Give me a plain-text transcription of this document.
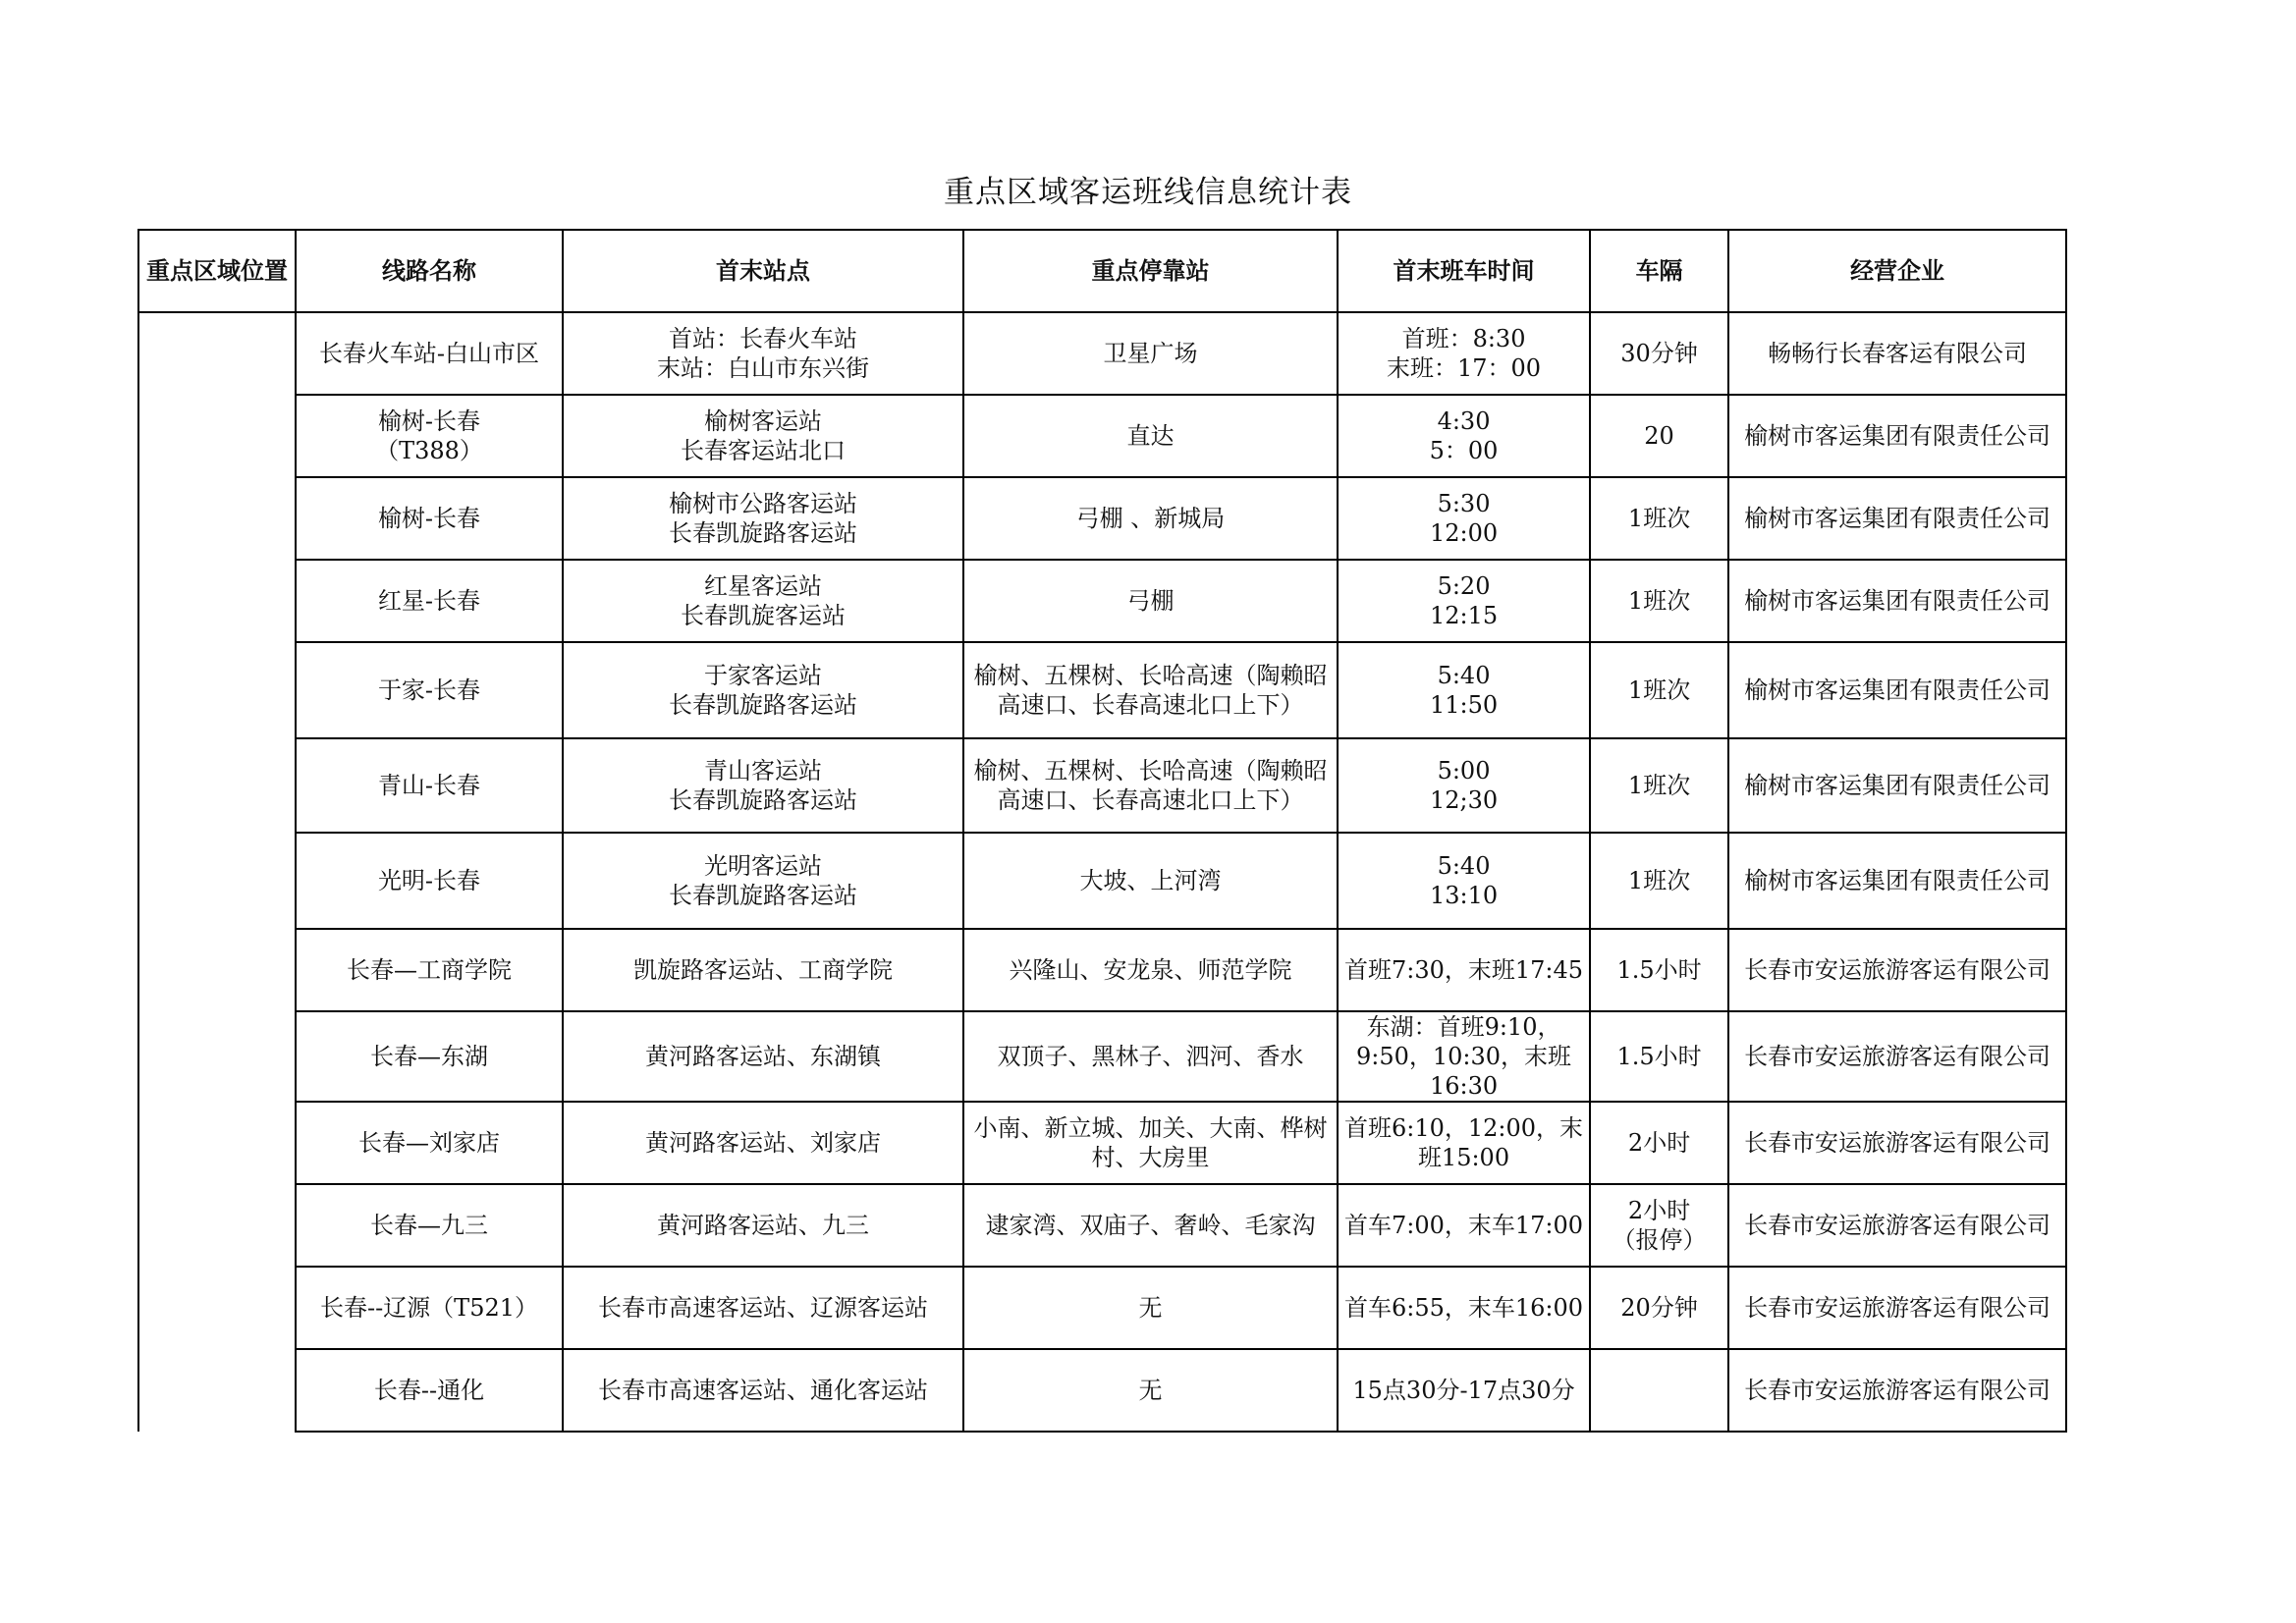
重点区域客运班线信息统计表
重点区域位置	线路名称	首末站点	重点停靠站	首末班车时间	车隔	经营企业

	长春火车站-白山市区	首站：长春火车站
末站：白山市东兴街	卫星广场	首班：8:30
末班：17：00	30分钟	畅畅行长春客运有限公司

	榆树-长春
（T388）	榆树客运站
长春客运站北口	直达	4:30
5：00	20	榆树市客运集团有限责任公司

	榆树-长春	榆树市公路客运站
长春凯旋路客运站	弓棚 、新城局	5:30
12:00	1班次	榆树市客运集团有限责任公司

	红星-长春	红星客运站
长春凯旋客运站	弓棚	5:20
12:15	1班次	榆树市客运集团有限责任公司

	于家-长春	于家客运站
长春凯旋路客运站	榆树、五棵树、长哈高速（陶赖昭
高速口、长春高速北口上下）	5:40
11:50	1班次	榆树市客运集团有限责任公司

	青山-长春	青山客运站
长春凯旋路客运站	榆树、五棵树、长哈高速（陶赖昭
高速口、长春高速北口上下）	5:00
12;30	1班次	榆树市客运集团有限责任公司

	光明-长春	光明客运站
长春凯旋路客运站	大坡、上河湾	5:40
13:10	1班次	榆树市客运集团有限责任公司

	长春—工商学院	凯旋路客运站、工商学院	兴隆山、安龙泉、师范学院	首班7:30，末班17:45	1.5小时	长春市安运旅游客运有限公司

	长春—东湖	黄河路客运站、东湖镇	双顶子、黑林子、泗河、香水	东湖：首班9:10，
9:50，10:30，末班
16:30	1.5小时	长春市安运旅游客运有限公司

	长春—刘家店	黄河路客运站、刘家店	小南、新立城、加关、大南、桦树
村、大房里	首班6:10，12:00，末
班15:00	2小时	长春市安运旅游客运有限公司

	长春—九三	黄河路客运站、九三	逮家湾、双庙子、奢岭、毛家沟	首车7:00，末车17:00	2小时
（报停）	长春市安运旅游客运有限公司

	长春--辽源（T521）	长春市高速客运站、辽源客运站	无	首车6:55，末车16:00	20分钟	长春市安运旅游客运有限公司

	长春--通化	长春市高速客运站、通化客运站	无	15点30分-17点30分		长春市安运旅游客运有限公司
